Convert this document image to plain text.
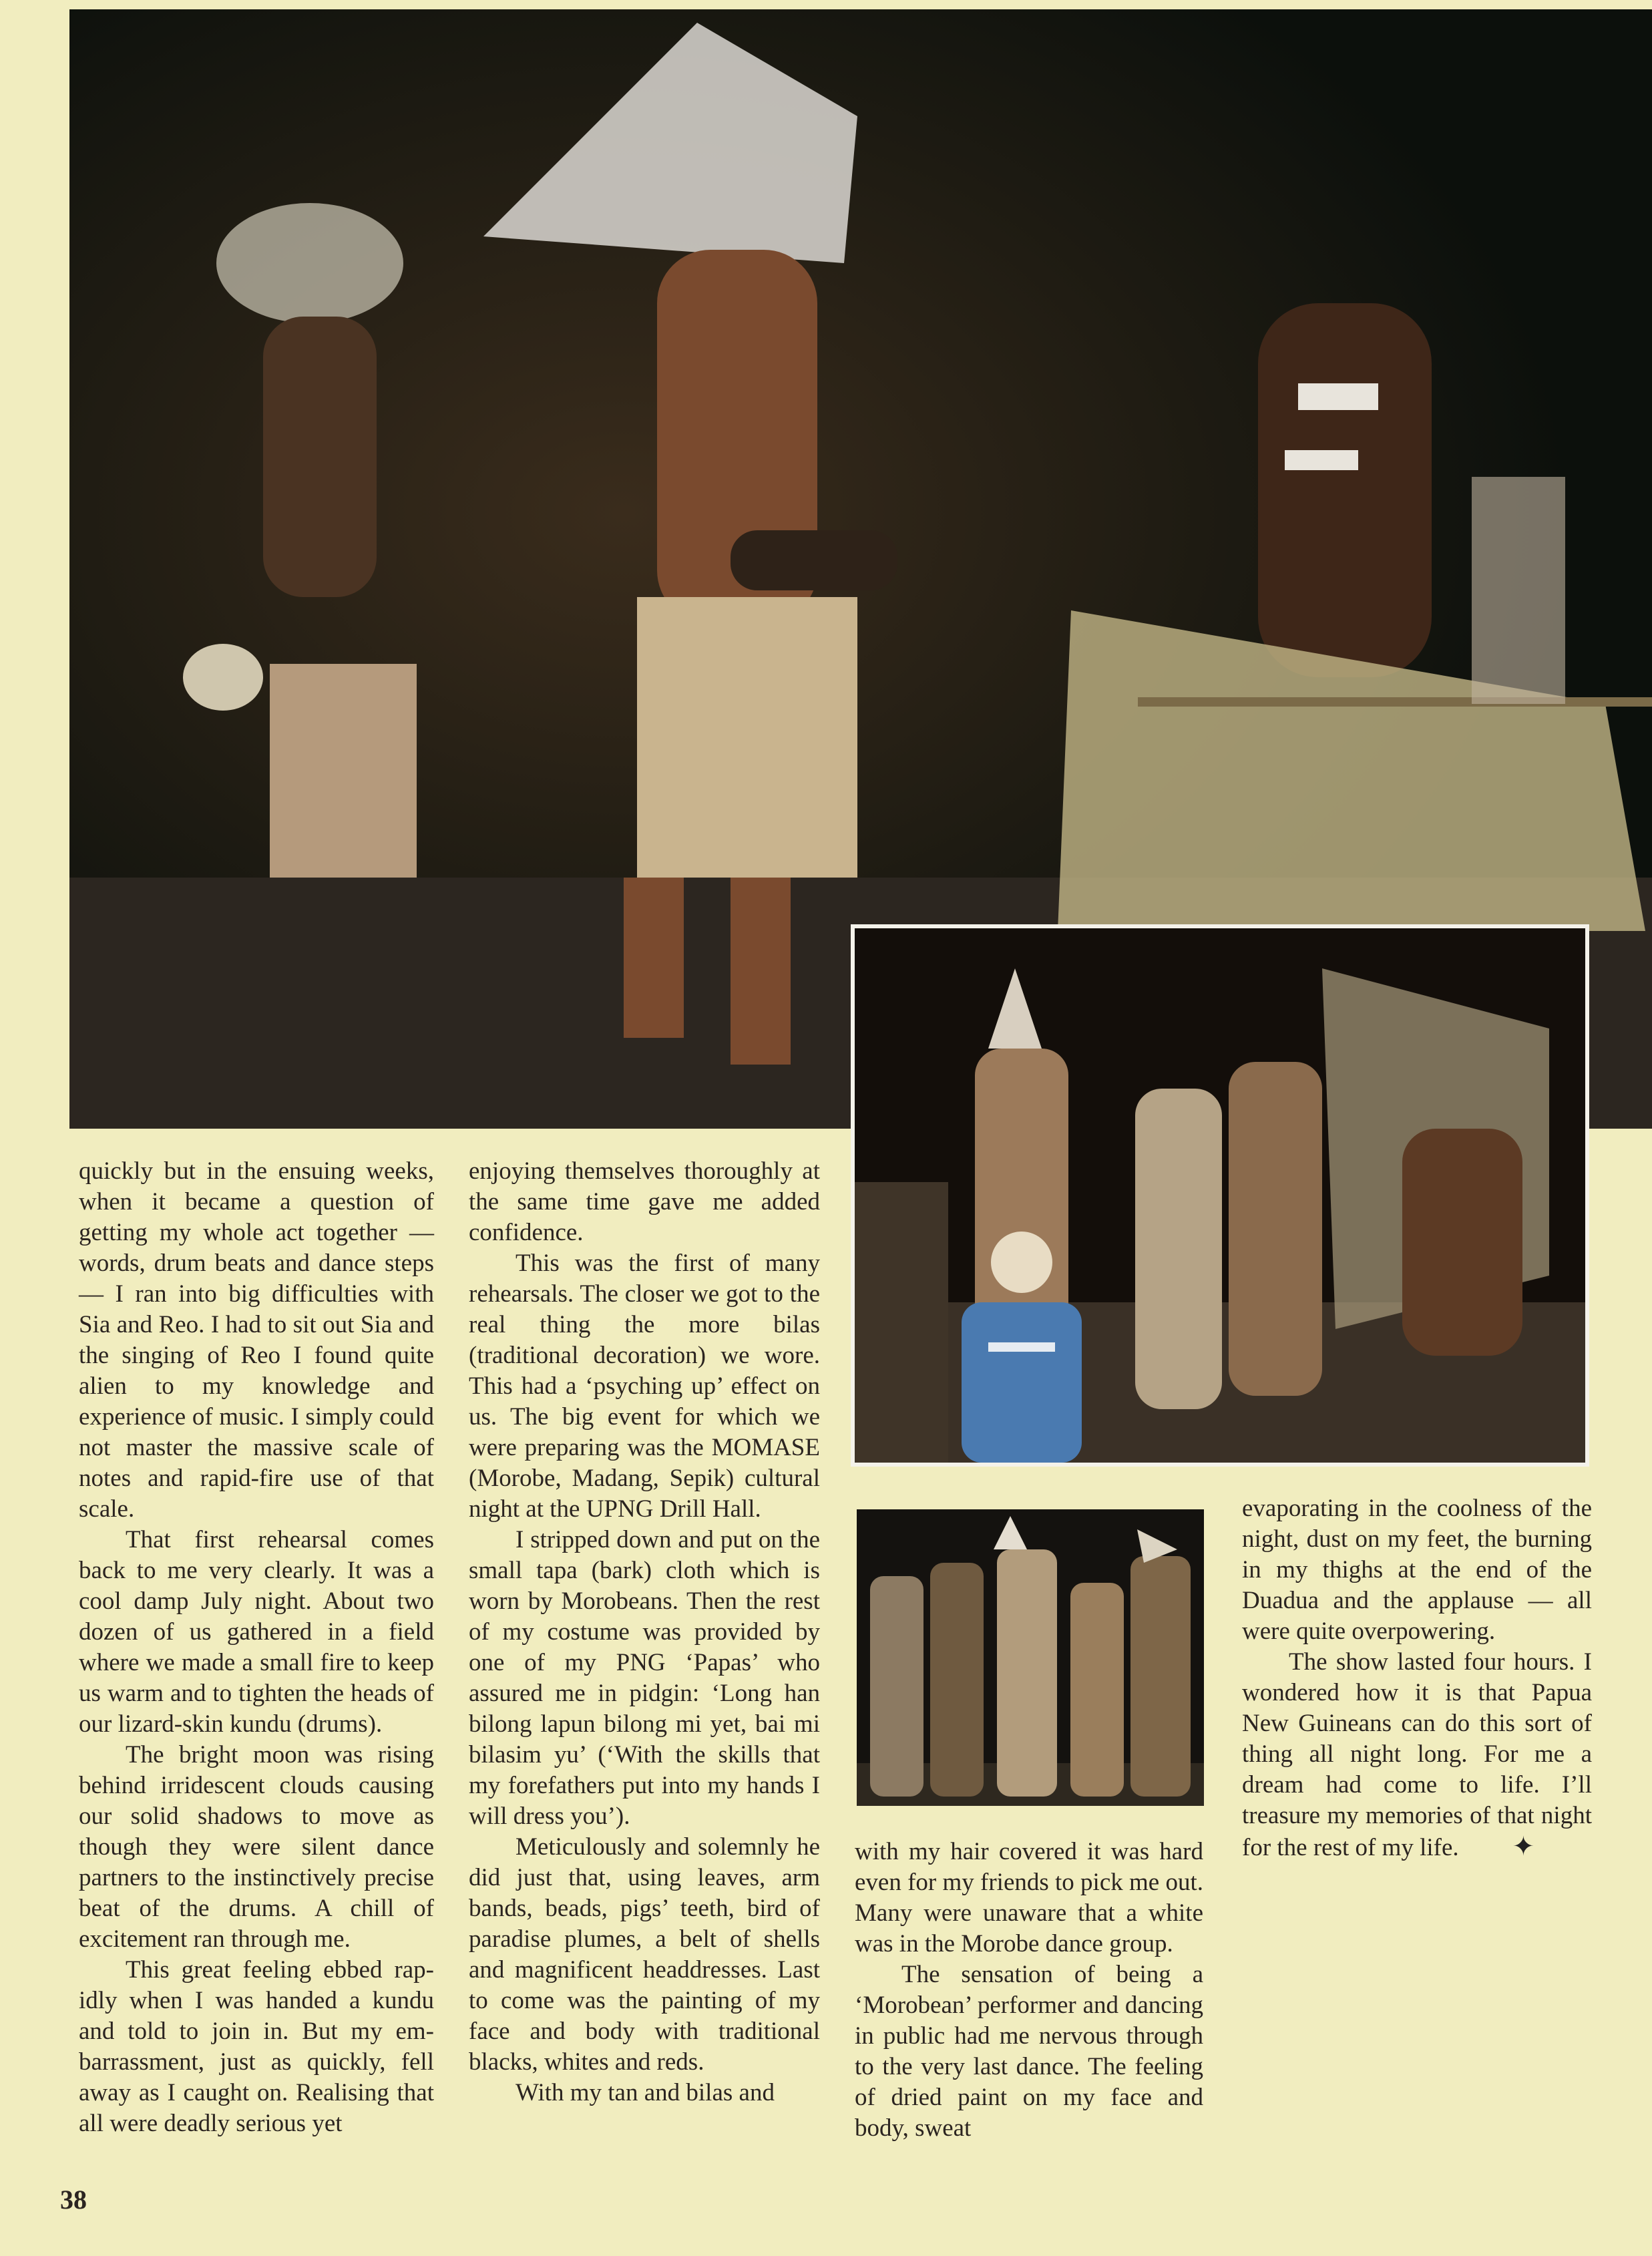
quickly but in the ensuing weeks, when it became a question of getting my whole act together — words, drum beats and dance steps — I ran into big difficulties with Sia and Reo. I had to sit out Sia and the singing of Reo I found quite alien to my knowledge and experience of music. I simply could not master the massive scale of notes and rapid-fire use of that scale.

That first rehearsal comes back to me very clearly. It was a cool damp July night. About two dozen of us gathered in a field where we made a small fire to keep us warm and to tighten the heads of our lizard-skin kundu (drums).

The bright moon was rising behind irridescent clouds causing our solid shadows to move as though they were silent dance partners to the instinctively precise beat of the drums. A chill of excitement ran through me.

This great feeling ebbed rapidly when I was handed a kundu and told to join in. But my embarrassment, just as quickly, fell away as I caught on. Realising that all were deadly serious yet

enjoying themselves thoroughly at the same time gave me added confidence.

This was the first of many rehearsals. The closer we got to the real thing the more bilas (traditional decoration) we wore. This had a ‘psyching up’ effect on us. The big event for which we were preparing was the MOMASE (Morobe, Madang, Sepik) cultural night at the UPNG Drill Hall.

I stripped down and put on the small tapa (bark) cloth which is worn by Morobeans. Then the rest of my costume was provided by one of my PNG ‘Papas’ who assured me in pidgin: ‘Long han bilong lapun bilong mi yet, bai mi bilasim yu’ (‘With the skills that my forefathers put into my hands I will dress you’).

Meticulously and solemnly he did just that, using leaves, arm bands, beads, pigs’ teeth, bird of paradise plumes, a belt of shells and magnificent headdresses. Last to come was the painting of my face and body with traditional blacks, whites and reds.

With my tan and bilas and

with my hair covered it was hard even for my friends to pick me out. Many were unaware that a white was in the Morobe dance group.

The sensation of being a ‘Morobean’ performer and dancing in public had me nervous through to the very last dance. The feeling of dried paint on my face and body, sweat

evaporating in the coolness of the night, dust on my feet, the burning in my thighs at the end of the Duadua and the applause — all were quite overpowering.

The show lasted four hours. I wondered how it is that Papua New Guineans can do this sort of thing all night long. For me a dream had come to life. I’ll treasure my memories of that night for the rest of my life. ✦

38
